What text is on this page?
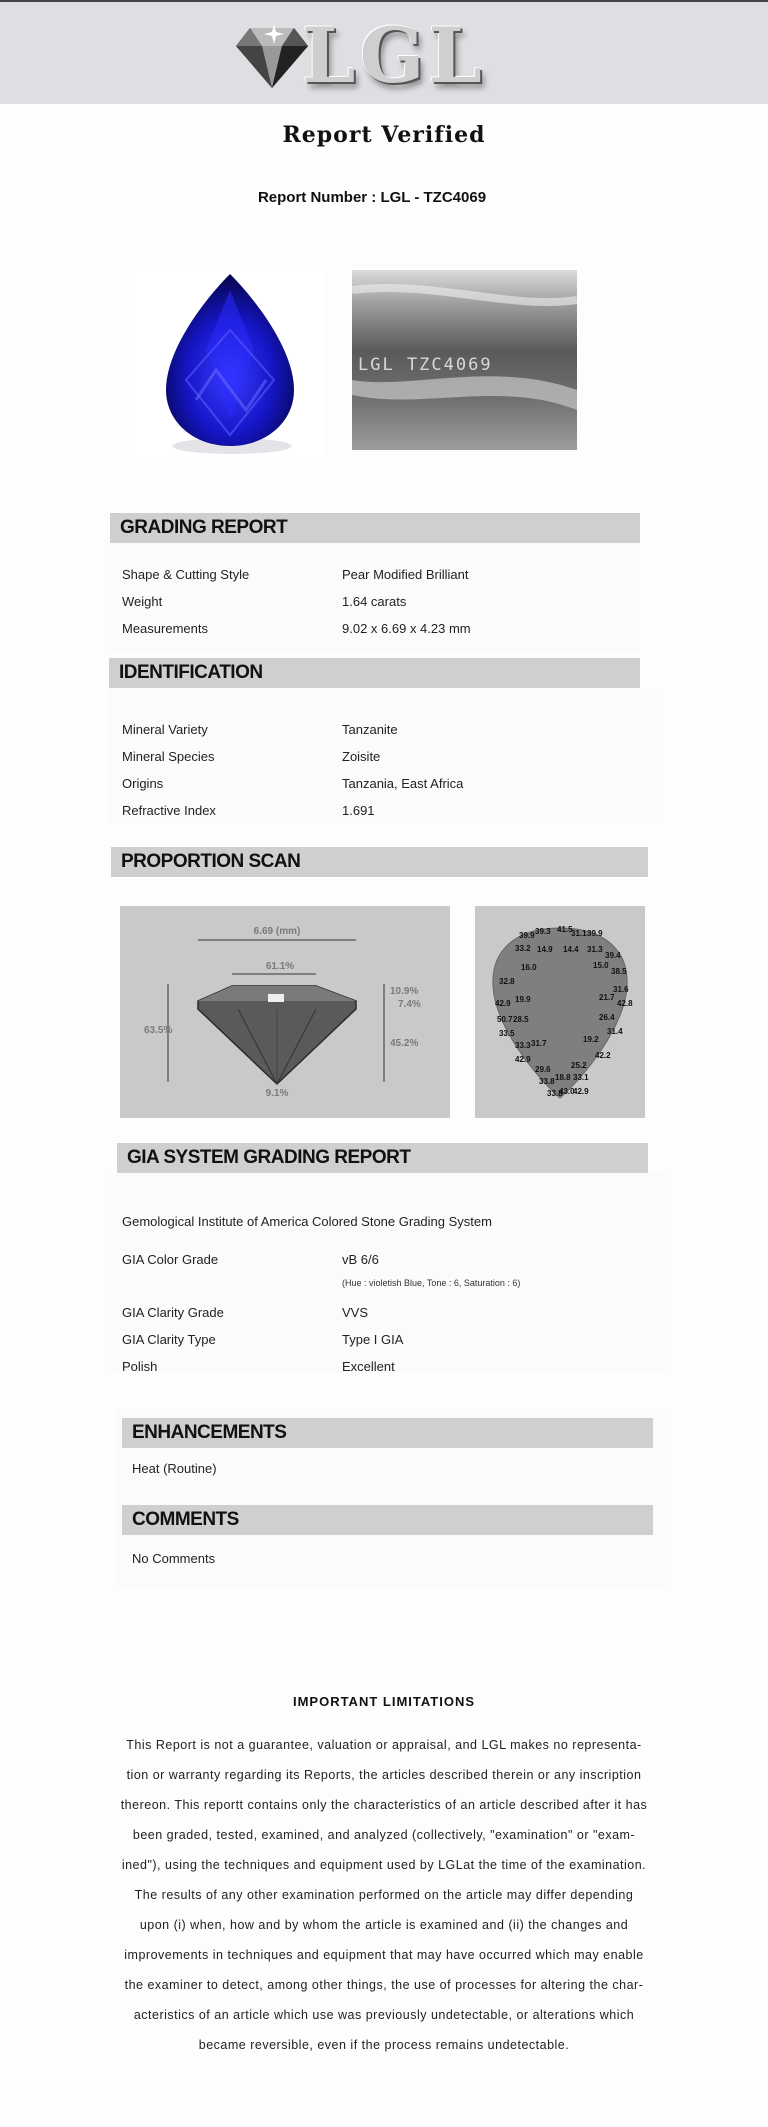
LGL
Report Verified
Report Number : LGL - TZC4069
LGL TZC4069
GRADING REPORT
Shape & Cutting Style	Pear Modified Brilliant
Weight	1.64 carats
Measurements	9.02 x 6.69 x 4.23 mm
IDENTIFICATION
Mineral Variety	Tanzanite
Mineral Species	Zoisite
Origins	Tanzania, East Africa
Refractive Index	1.691
PROPORTION SCAN
6.69 (mm)
61.1%
63.5%
10.9%
7.4%
45.2%
9.1%
39.9 39.3 41.5
31.1 39.9
33.2 14.9 14.4 31.3
39.4
16.0	15.0
38.5
32.8
31.6
21.7
19.9
42.9	42.8
50.7 28.5	26.4
33.5	31.4
33.3 31.7	19.2
42.9	42.2
29.6	25.2
33.8 18.8 33.1
33.8
43.0
42.9
GIA SYSTEM GRADING REPORT
Gemological Institute of America Colored Stone Grading System
GIA Color Grade	vB 6/6
(Hue : violetish Blue, Tone : 6, Saturation : 6)
GIA Clarity Grade	VVS
GIA Clarity Type	Type I GIA
Polish	Excellent
ENHANCEMENTS
Heat (Routine)
COMMENTS
No Comments
IMPORTANT LIMITATIONS
This Report is not a guarantee, valuation or appraisal, and LGL makes no representa-
tion or warranty regarding its Reports, the articles described therein or any inscription
thereon. This reportt contains only the characteristics of an article described after it has
been graded, tested, examined, and analyzed (collectively, "examination" or "exam-
ined"), using the techniques and equipment used by LGLat the time of the examination.
The results of any other examination performed on the article may differ depending
upon (i) when, how and by whom the article is examined and (ii) the changes and
improvements in techniques and equipment that may have occurred which may enable
the examiner to detect, among other things, the use of processes for altering the char-
acteristics of an article which use was previously undetectable, or alterations which
became reversible, even if the process remains undetectable.
